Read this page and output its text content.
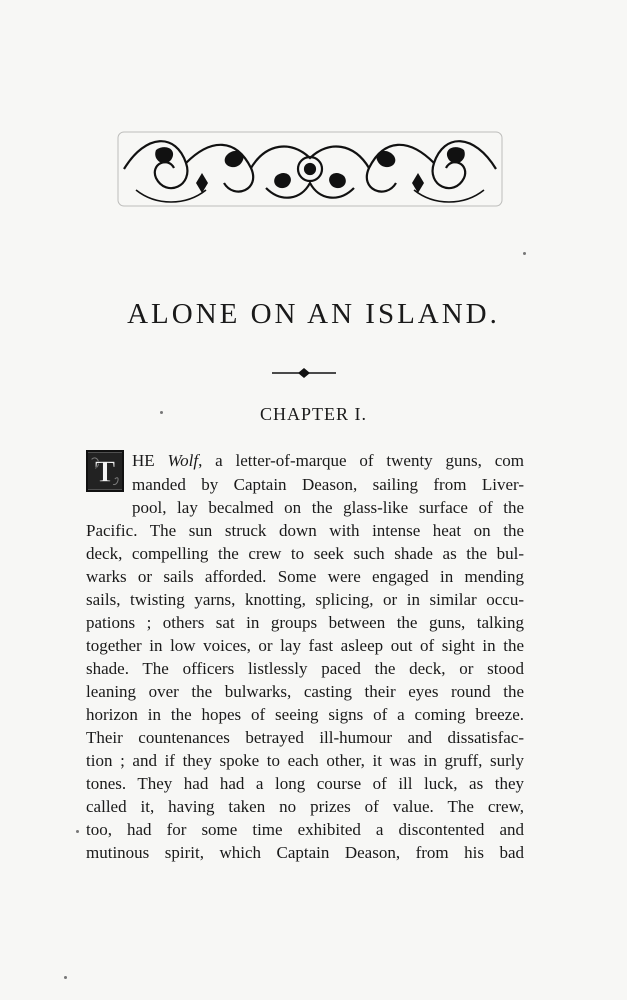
ALONE ON AN ISLAND.
CHAPTER I.
T HE Wolf, a letter-of-marque of twenty guns, com
manded by Captain Deason, sailing from Liver-
pool, lay becalmed on the glass-like surface of the
Pacific. The sun struck down with intense heat on the
deck, compelling the crew to seek such shade as the bul-
warks or sails afforded. Some were engaged in mending
sails, twisting yarns, knotting, splicing, or in similar occu-
pations ; others sat in groups between the guns, talking
together in low voices, or lay fast asleep out of sight in the
shade. The officers listlessly paced the deck, or stood
leaning over the bulwarks, casting their eyes round the
horizon in the hopes of seeing signs of a coming breeze.
Their countenances betrayed ill-humour and dissatisfac-
tion ; and if they spoke to each other, it was in gruff, surly
tones. They had had a long course of ill luck, as they
called it, having taken no prizes of value. The crew,
too, had for some time exhibited a discontented and
mutinous spirit, which Captain Deason, from his bad
